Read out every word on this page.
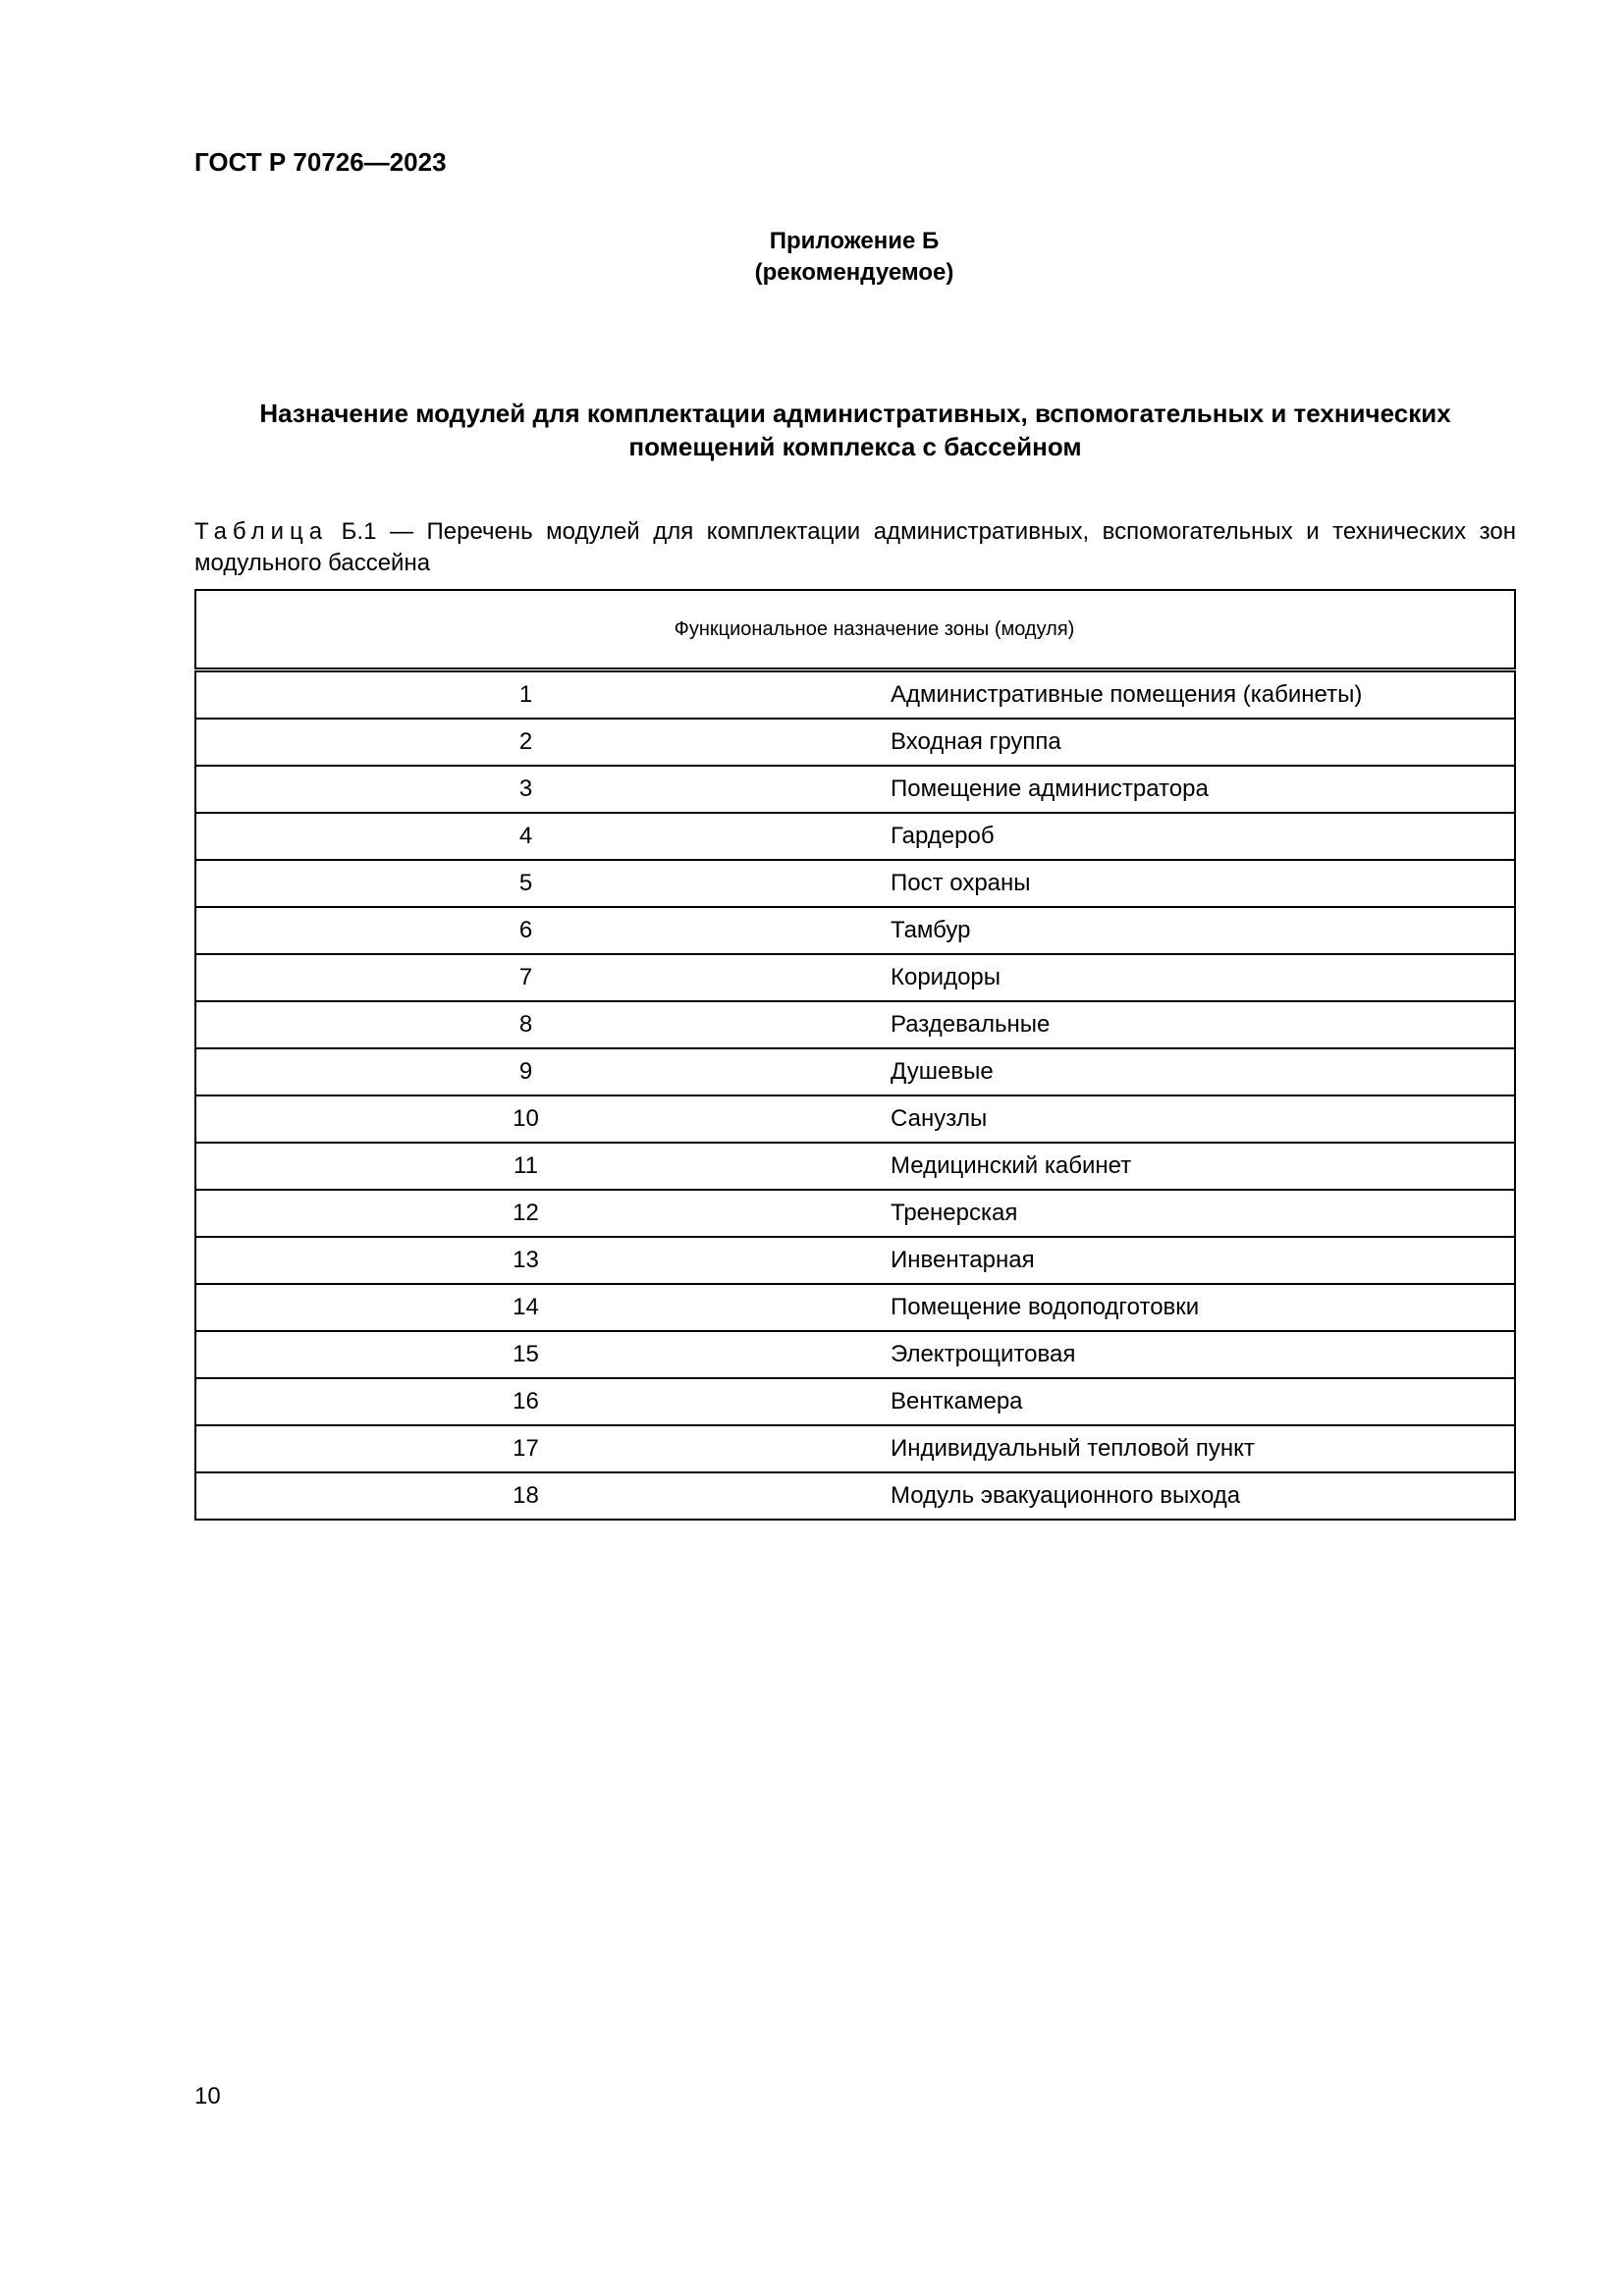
ГОСТ Р 70726—2023
Приложение Б
(рекомендуемое)
Назначение модулей для комплектации административных, вспомогательных и технических помещений комплекса с бассейном
Таблица Б.1 — Перечень модулей для комплектации административных, вспомогательных и технических зон модульного бассейна
Функциональное назначение зоны (модуля)	
1	Административные помещения (кабинеты)
2	Входная группа
3	Помещение администратора
4	Гардероб
5	Пост охраны
6	Тамбур
7	Коридоры
8	Раздевальные
9	Душевые
10	Санузлы
11	Медицинский кабинет
12	Тренерская
13	Инвентарная
14	Помещение водоподготовки
15	Электрощитовая
16	Венткамера
17	Индивидуальный тепловой пункт
18	Модуль эвакуационного выхода
10
